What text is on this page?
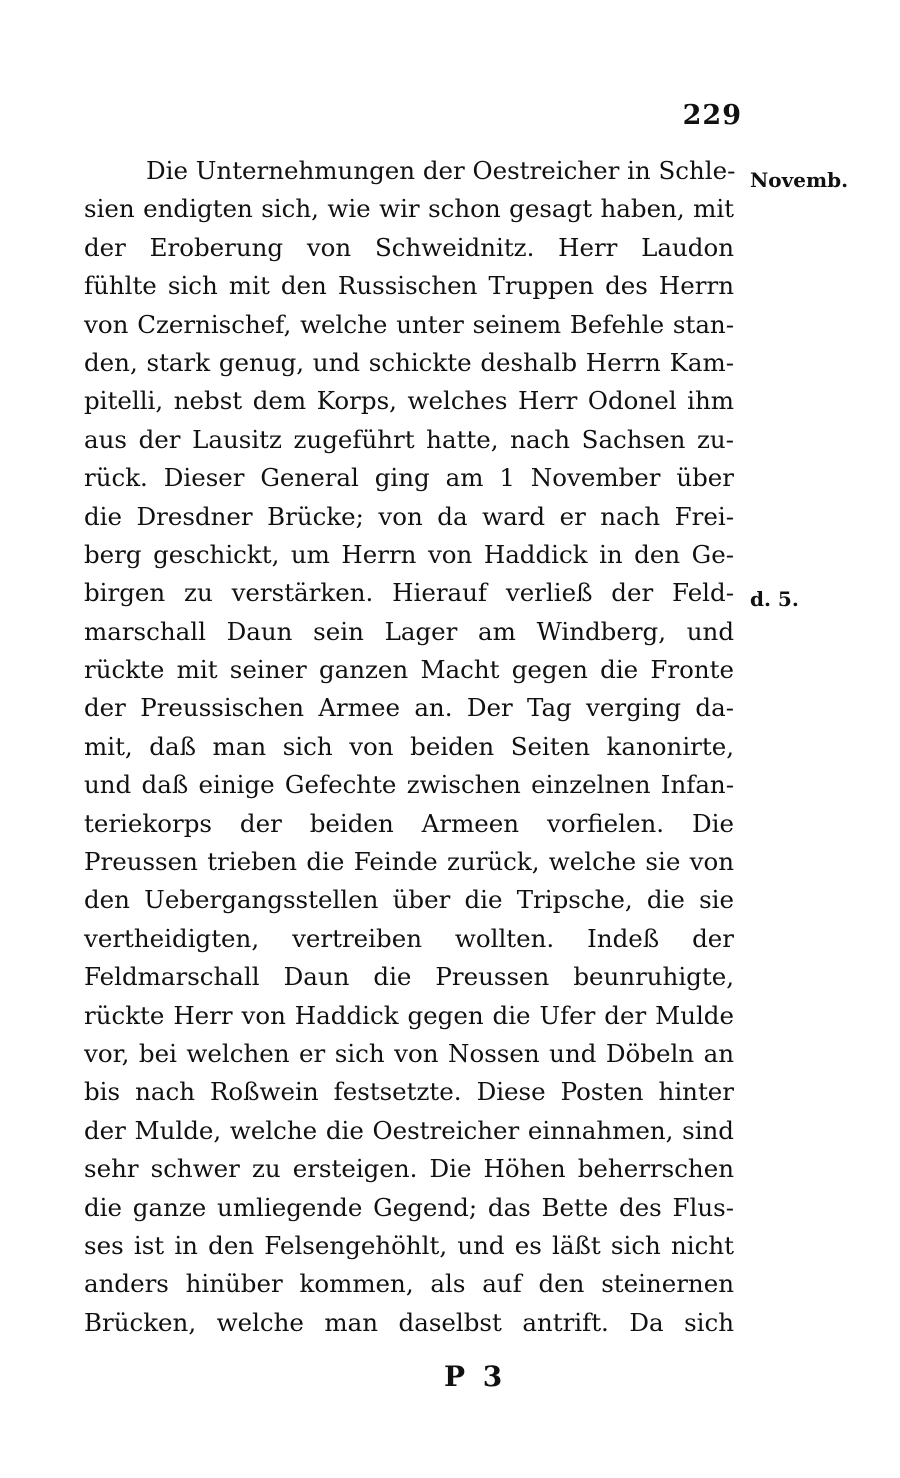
229
Novemb.
d. 5.
Die Unternehmungen der Oestreicher in Schle-
sien endigten sich, wie wir schon gesagt haben, mit
der Eroberung von Schweidnitz. Herr Laudon
fühlte sich mit den Russischen Truppen des Herrn
von Czernischef, welche unter seinem Befehle stan-
den, stark genug, und schickte deshalb Herrn Kam-
pitelli, nebst dem Korps, welches Herr Odonel ihm
aus der Lausitz zugeführt hatte, nach Sachsen zu-
rück. Dieser General ging am 1 November über
die Dresdner Brücke; von da ward er nach Frei-
berg geschickt, um Herrn von Haddick in den Ge-
birgen zu verstärken. Hierauf verließ der Feld-
marschall Daun sein Lager am Windberg, und
rückte mit seiner ganzen Macht gegen die Fronte
der Preussischen Armee an. Der Tag verging da-
mit, daß man sich von beiden Seiten kanonirte,
und daß einige Gefechte zwischen einzelnen Infan-
teriekorps der beiden Armeen vorfielen. Die
Preussen trieben die Feinde zurück, welche sie von
den Uebergangsstellen über die Tripsche, die sie
vertheidigten, vertreiben wollten. Indeß der
Feldmarschall Daun die Preussen beunruhigte,
rückte Herr von Haddick gegen die Ufer der Mulde
vor, bei welchen er sich von Nossen und Döbeln an
bis nach Roßwein festsetzte. Diese Posten hinter
der Mulde, welche die Oestreicher einnahmen, sind
sehr schwer zu ersteigen. Die Höhen beherrschen
die ganze umliegende Gegend; das Bette des Flus-
ses ist in den Felsengehöhlt, und es läßt sich nicht
anders hinüber kommen, als auf den steinernen
Brücken, welche man daselbst antrift. Da sich
P 3
